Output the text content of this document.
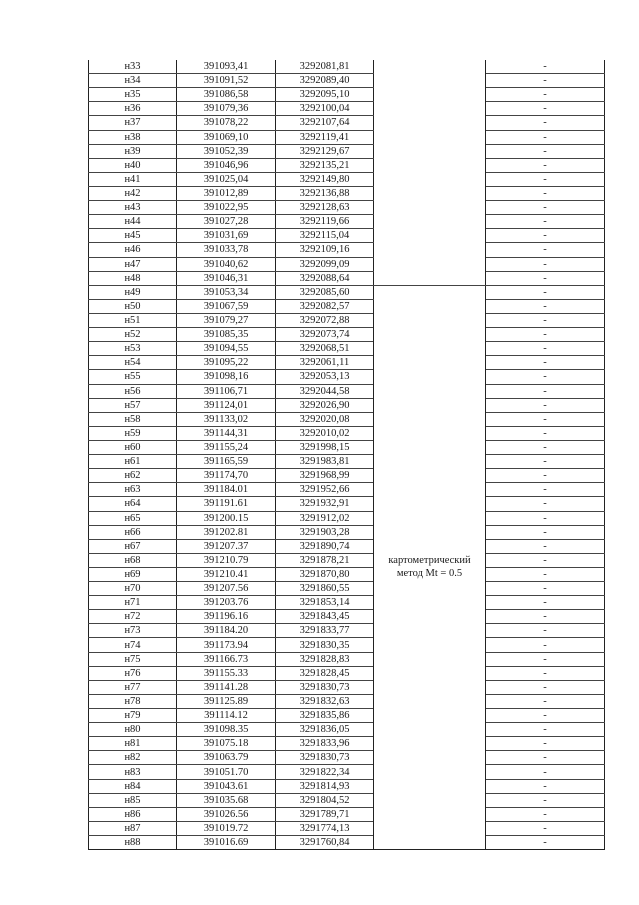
н33	391093,41	3292081,81		-
н34	391091,52	3292089,40		-
н35	391086,58	3292095,10		-
н36	391079,36	3292100,04		-
н37	391078,22	3292107,64		-
н38	391069,10	3292119,41		-
н39	391052,39	3292129,67		-
н40	391046,96	3292135,21		-
н41	391025,04	3292149,80		-
н42	391012,89	3292136,88		-
н43	391022,95	3292128,63		-
н44	391027,28	3292119,66		-
н45	391031,69	3292115,04		-
н46	391033,78	3292109,16		-
н47	391040,62	3292099,09		-
н48	391046,31	3292088,64		-
н49	391053,34	3292085,60	картометрический
метод Mt = 0.5	-
н50	391067,59	3292082,57		-
н51	391079,27	3292072,88		-
н52	391085,35	3292073,74		-
н53	391094,55	3292068,51		-
н54	391095,22	3292061,11		-
н55	391098,16	3292053,13		-
н56	391106,71	3292044,58		-
н57	391124,01	3292026,90		-
н58	391133,02	3292020,08		-
н59	391144,31	3292010,02		-
н60	391155,24	3291998,15		-
н61	391165,59	3291983,81		-
н62	391174,70	3291968,99		-
н63	391184.01	3291952,66		-
н64	391191.61	3291932,91		-
н65	391200.15	3291912,02		-
н66	391202.81	3291903,28		-
н67	391207.37	3291890,74		-
н68	391210.79	3291878,21		-
н69	391210.41	3291870,80		-
н70	391207.56	3291860,55		-
н71	391203.76	3291853,14		-
н72	391196.16	3291843,45		-
н73	391184.20	3291833,77		-
н74	391173.94	3291830,35		-
н75	391166.73	3291828,83		-
н76	391155.33	3291828,45		-
н77	391141.28	3291830,73		-
н78	391125.89	3291832,63		-
н79	391114.12	3291835,86		-
н80	391098.35	3291836,05		-
н81	391075.18	3291833,96		-
н82	391063.79	3291830,73		-
н83	391051.70	3291822,34		-
н84	391043.61	3291814,93		-
н85	391035.68	3291804,52		-
н86	391026.56	3291789,71		-
н87	391019.72	3291774,13		-
н88	391016.69	3291760,84		-
